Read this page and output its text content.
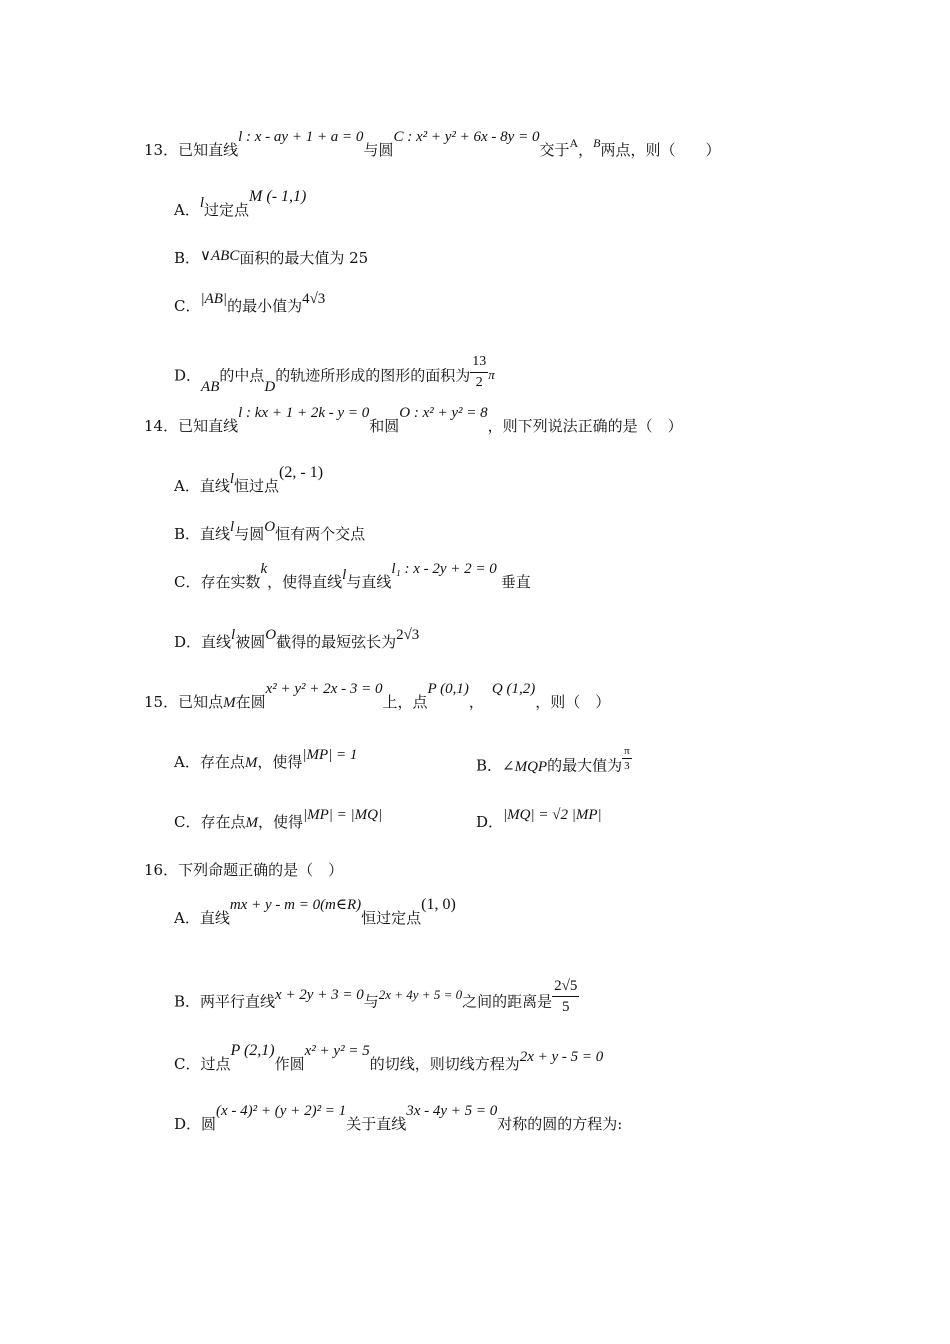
13．已知直线l : x - ay + 1 + a = 0与圆C : x² + y² + 6x - 8y = 0交于$^A$，$^B$两点，则（　　）
A．l过定点M (- 1,1)
B．∨ABC面积的最大值为 25
C．|AB|的最小值为4√3
D．AB的中点D的轨迹所形成的图形的面积为 $\frac{13}{2}$ π
14．已知直线l : kx + 1 + 2k - y = 0和圆O : x² + y² = 8，则下列说法正确的是（　）
A．直线l恒过点(2, - 1)
B．直线l与圆O恒有两个交点
C．存在实数k，使得直线l与直线l₁ : x - 2y + 2 = 0垂直
D．直线l被圆O截得的最短弦长为2√3
15．已知点M在圆x² + y² + 2x - 3 = 0上，点P (0,1)，Q (1,2)，则（　）
A．存在点M，使得|MP| = 1
B．∠MQP的最大值为 $\frac{\pi}{3}$
C．存在点M，使得|MP| = |MQ|	D．|MQ| = √2 |MP|
16．下列命题正确的是（　）
A．直线mx + y - m = 0(m∈R)恒过定点(1, 0)
B．两平行直线x + 2y + 3 = 0与2x + 4y + 5 = 0之间的距离是 $\frac{2√5}{5}$
C．过点P (2,1)作圆x² + y² = 5的切线，则切线方程为2x + y - 5 = 0
D．圆(x - 4)² + (y + 2)² = 1关于直线3x - 4y + 5 = 0对称的圆的方程为:
